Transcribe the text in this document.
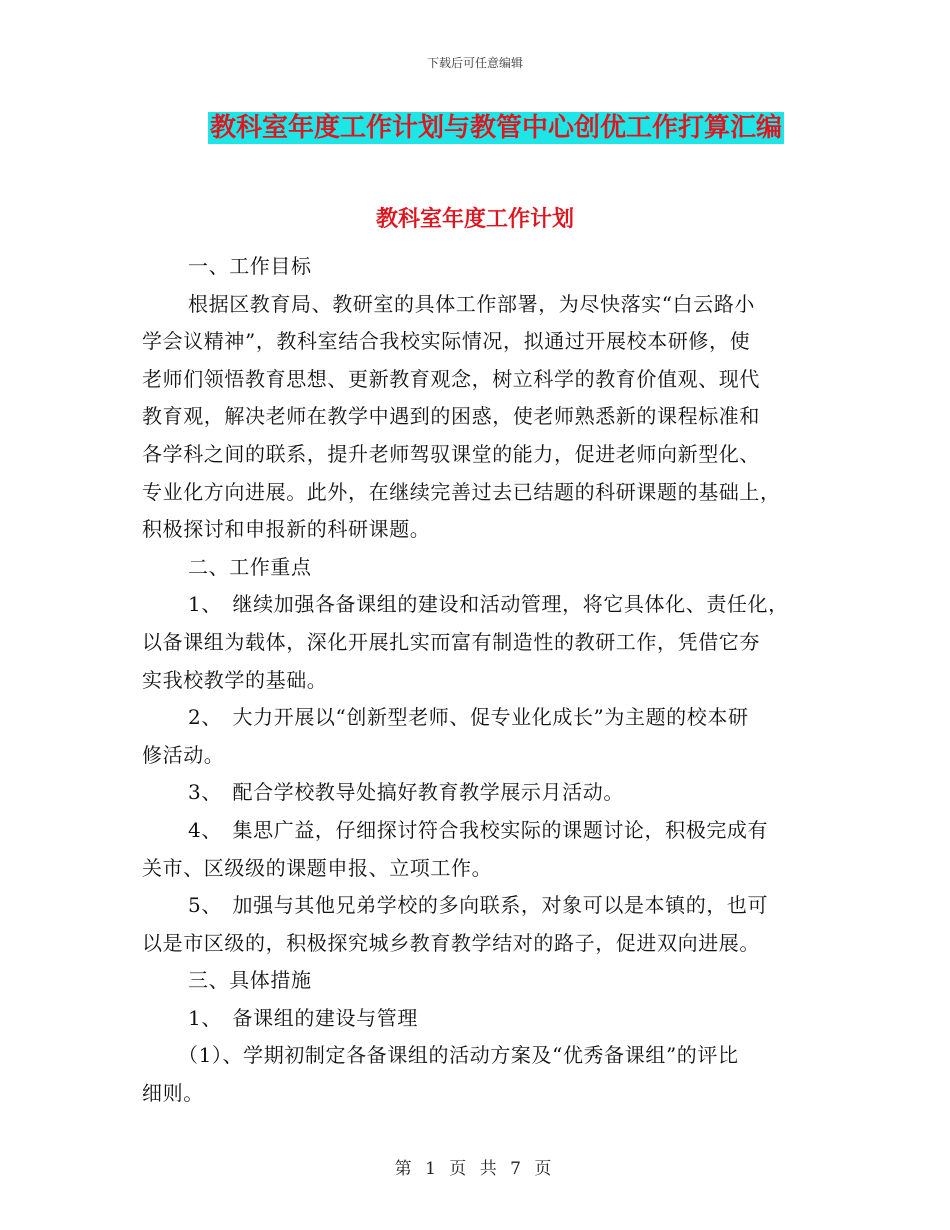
下载后可任意编辑
教科室年度工作计划与教管中心创优工作打算汇编
教科室年度工作计划
一、工作目标
根据区教育局、教研室的具体工作部署，为尽快落实“白云路小
学会议精神”，教科室结合我校实际情况，拟通过开展校本研修，使
老师们领悟教育思想、更新教育观念，树立科学的教育价值观、现代
教育观，解决老师在教学中遇到的困惑，使老师熟悉新的课程标准和
各学科之间的联系，提升老师驾驭课堂的能力，促进老师向新型化、
专业化方向进展。此外，在继续完善过去已结题的科研课题的基础上，
积极探讨和申报新的科研课题。
二、工作重点
1、　继续加强各备课组的建设和活动管理，将它具体化、责任化，
以备课组为载体，深化开展扎实而富有制造性的教研工作，凭借它夯
实我校教学的基础。
2、　大力开展以“创新型老师、促专业化成长”为主题的校本研
修活动。
3、　配合学校教导处搞好教育教学展示月活动。
4、　集思广益，仔细探讨符合我校实际的课题讨论，积极完成有
关市、区级级的课题申报、立项工作。
5、　加强与其他兄弟学校的多向联系，对象可以是本镇的，也可
以是市区级的，积极探究城乡教育教学结对的路子，促进双向进展。
三、具体措施
1、　备课组的建设与管理
（1）、学期初制定各备课组的活动方案及“优秀备课组”的评比
细则。
第 1 页 共 7 页
